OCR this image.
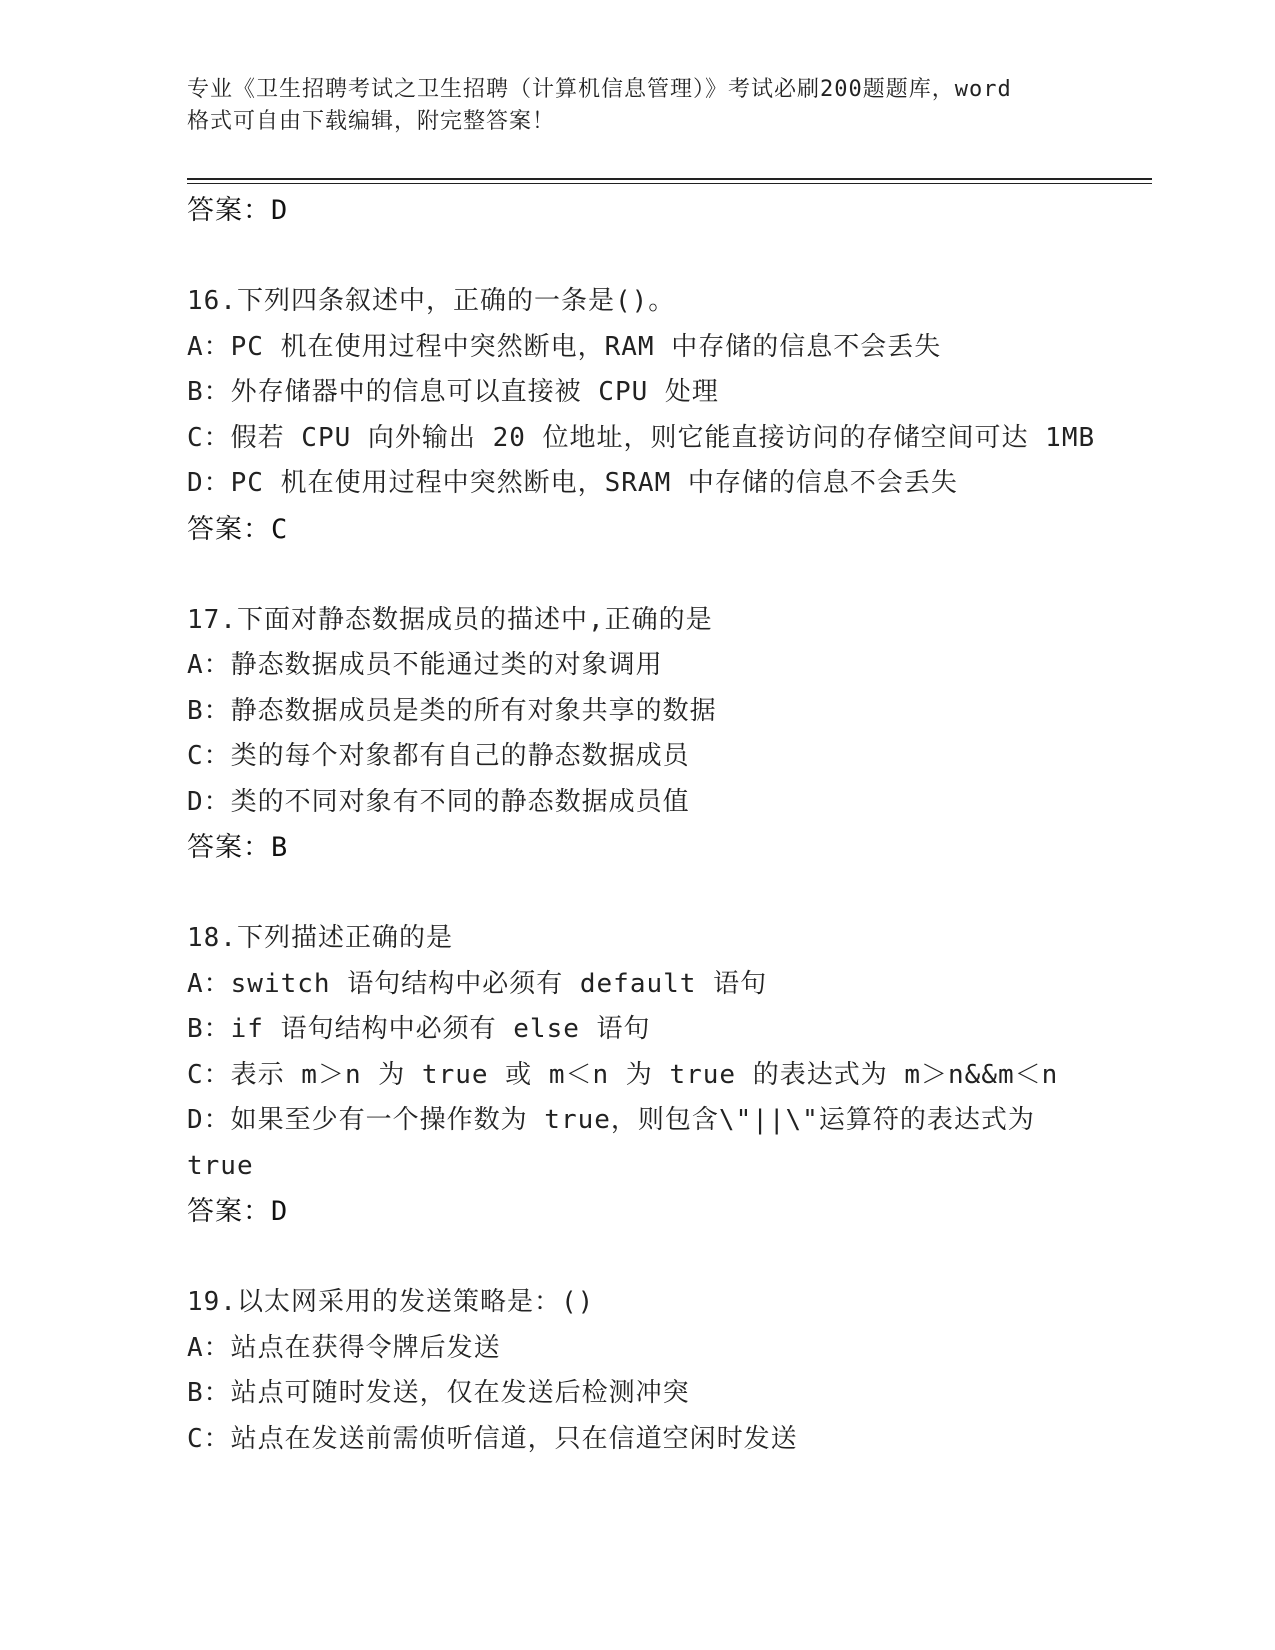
专业《卫生招聘考试之卫生招聘（计算机信息管理）》考试必刷200题题库，word
格式可自由下载编辑，附完整答案！
答案：D
16.下列四条叙述中，正确的一条是()。
A：PC 机在使用过程中突然断电，RAM 中存储的信息不会丢失
B：外存储器中的信息可以直接被 CPU 处理
C：假若 CPU 向外输出 20 位地址，则它能直接访问的存储空间可达 1MB
D：PC 机在使用过程中突然断电，SRAM 中存储的信息不会丢失
答案：C
17.下面对静态数据成员的描述中,正确的是
A：静态数据成员不能通过类的对象调用
B：静态数据成员是类的所有对象共享的数据
C：类的每个对象都有自己的静态数据成员
D：类的不同对象有不同的静态数据成员值
答案：B
18.下列描述正确的是
A：switch 语句结构中必须有 default 语句
B：if 语句结构中必须有 else 语句
C：表示 m＞n 为 true 或 m＜n 为 true 的表达式为 m＞n&&m＜n
D：如果至少有一个操作数为 true，则包含\"||\"运算符的表达式为
true
答案：D
19.以太网采用的发送策略是：()
A：站点在获得令牌后发送
B：站点可随时发送，仅在发送后检测冲突
C：站点在发送前需侦听信道，只在信道空闲时发送
